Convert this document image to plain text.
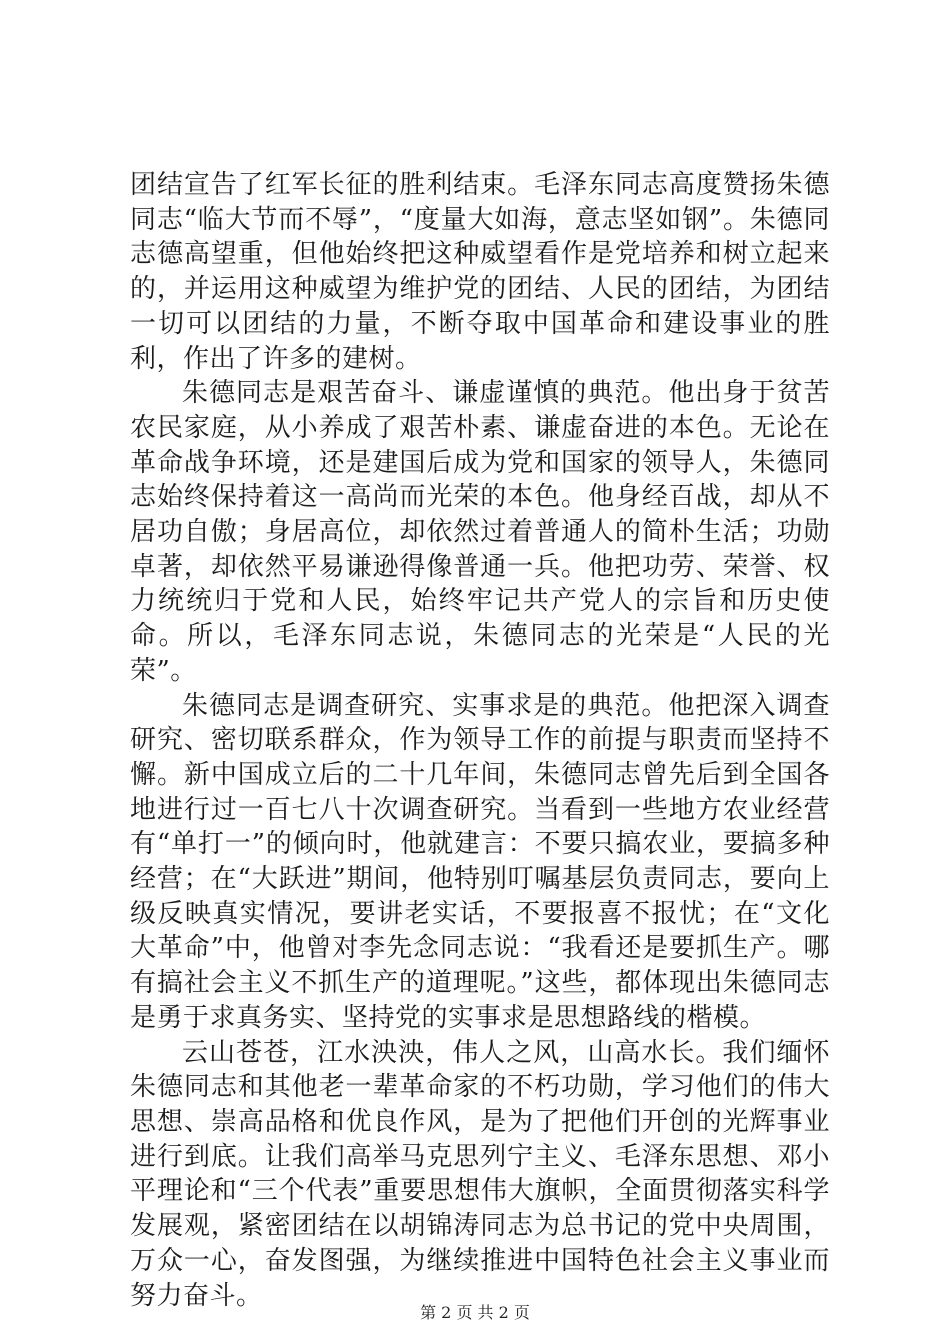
团结宣告了红军长征的胜利结束。毛泽东同志高度赞扬朱德同志“临大节而不辱”，“度量大如海，意志坚如钢”。朱德同志德高望重，但他始终把这种威望看作是党培养和树立起来的，并运用这种威望为维护党的团结、人民的团结，为团结一切可以团结的力量，不断夺取中国革命和建设事业的胜利，作出了许多的建树。

朱德同志是艰苦奋斗、谦虚谨慎的典范。他出身于贫苦农民家庭，从小养成了艰苦朴素、谦虚奋进的本色。无论在革命战争环境，还是建国后成为党和国家的领导人，朱德同志始终保持着这一高尚而光荣的本色。他身经百战，却从不居功自傲；身居高位，却依然过着普通人的简朴生活；功勋卓著，却依然平易谦逊得像普通一兵。他把功劳、荣誉、权力统统归于党和人民，始终牢记共产党人的宗旨和历史使命。所以，毛泽东同志说，朱德同志的光荣是“人民的光荣”。

朱德同志是调查研究、实事求是的典范。他把深入调查研究、密切联系群众，作为领导工作的前提与职责而坚持不懈。新中国成立后的二十几年间，朱德同志曾先后到全国各地进行过一百七八十次调查研究。当看到一些地方农业经营有“单打一”的倾向时，他就建言：不要只搞农业，要搞多种经营；在“大跃进”期间，他特别叮嘱基层负责同志，要向上级反映真实情况，要讲老实话，不要报喜不报忧；在“文化大革命”中，他曾对李先念同志说：“我看还是要抓生产。哪有搞社会主义不抓生产的道理呢。”这些，都体现出朱德同志是勇于求真务实、坚持党的实事求是思想路线的楷模。

云山苍苍，江水泱泱，伟人之风，山高水长。我们缅怀朱德同志和其他老一辈革命家的不朽功勋，学习他们的伟大思想、崇高品格和优良作风，是为了把他们开创的光辉事业进行到底。让我们高举马克思列宁主义、毛泽东思想、邓小平理论和“三个代表”重要思想伟大旗帜，全面贯彻落实科学发展观，紧密团结在以胡锦涛同志为总书记的党中央周围，万众一心，奋发图强，为继续推进中国特色社会主义事业而努力奋斗。

第 2 页 共 2 页
